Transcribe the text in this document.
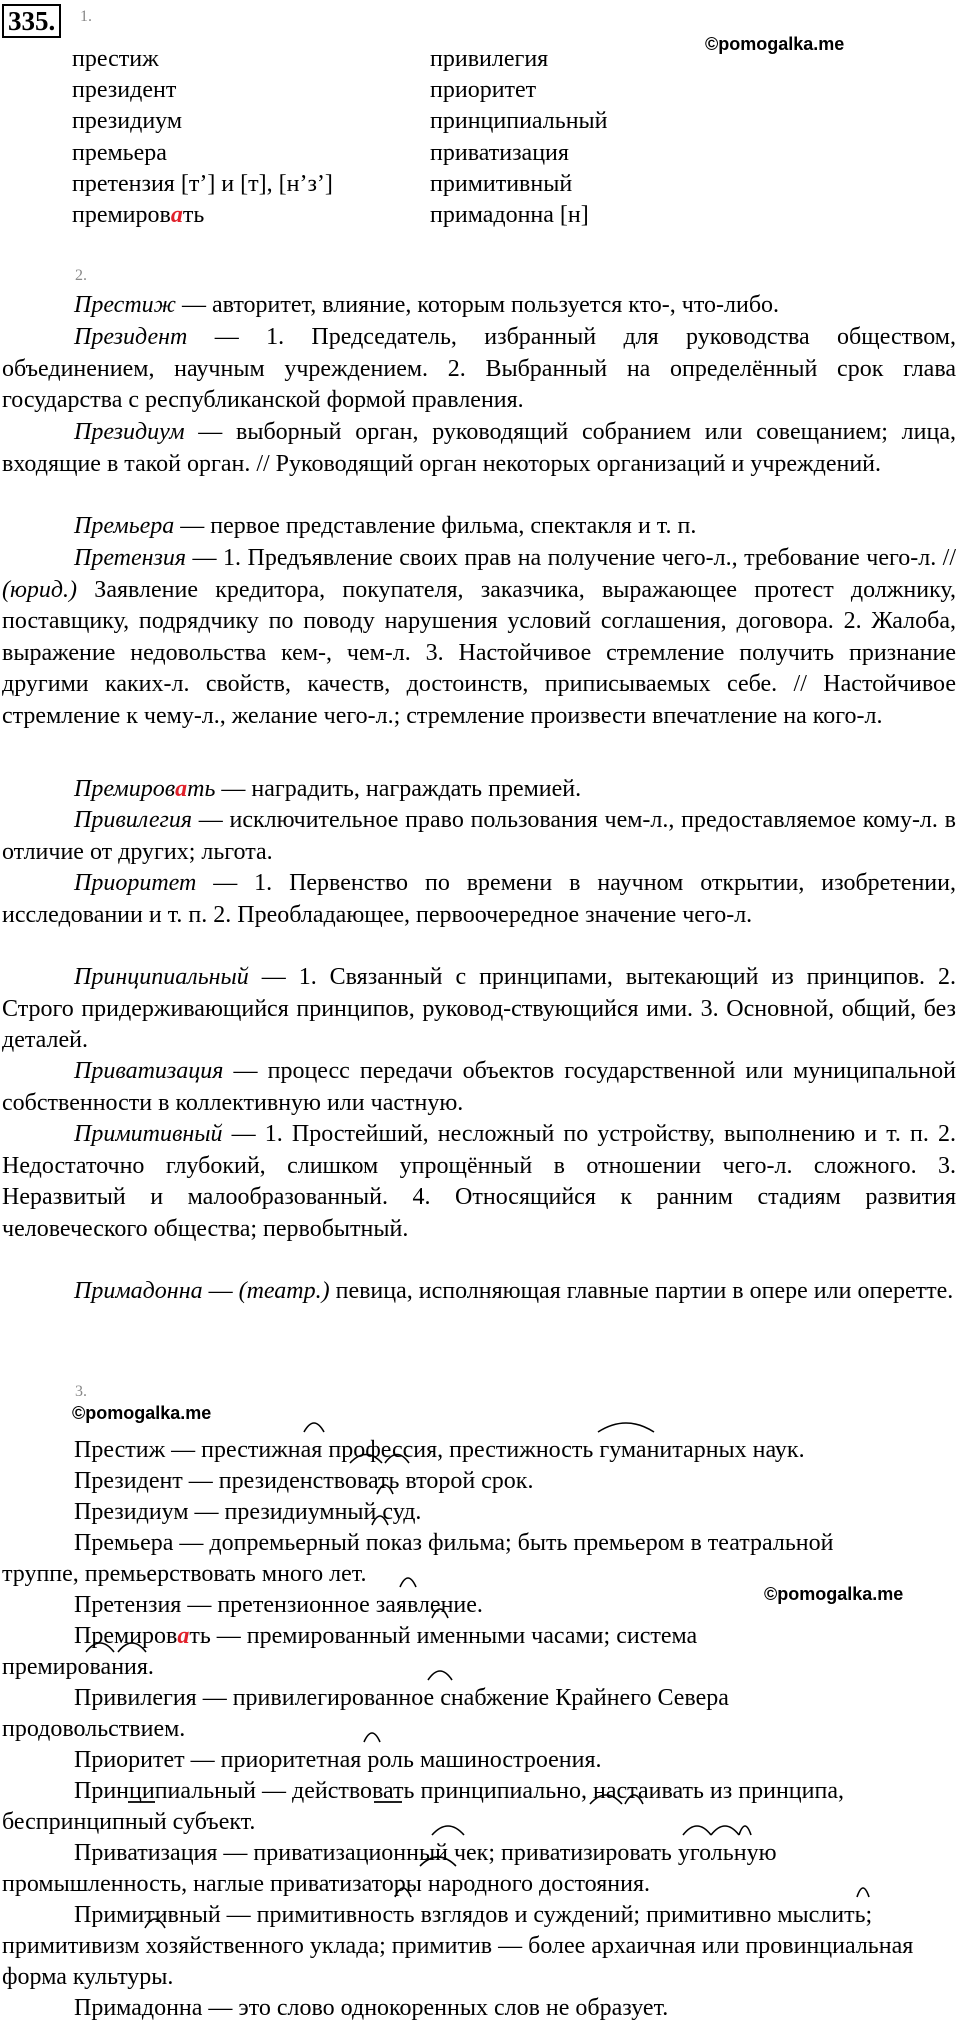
335.	1.
©pomogalka.me
престиж
президент
президиум
премьера
претензия [т’] и [т], [н’з’]
премировать
привилегия
приоритет
принципиальный
приватизация
примитивный
примадонна [н]
2.

Престиж — авторитет, влияние, которым пользуется кто-, что-либо.

Президент — 1. Председатель, избранный для руководства обществом, объединением, научным учреждением. 2. Выбранный на определённый срок глава государства с республиканской формой правления.

Президиум — выборный орган, руководящий собранием или совещанием; лица, входящие в такой орган. // Руководящий орган некоторых организаций и учреждений.

Премьера — первое представление фильма, спектакля и т. п.

Претензия — 1. Предъявление своих прав на получение чего-л., требование чего-л. // (юрид.) Заявление кредитора, покупателя, заказчика, выражающее протест должнику, поставщику, подрядчику по поводу нарушения условий соглашения, договора. 2. Жалоба, выражение недовольства кем-, чем-л. 3. Настойчивое стремление получить признание другими каких-л. свойств, качеств, достоинств, приписываемых себе. // Настойчивое стремление к чему-л., желание чего-л.; стремление произвести впечатление на кого-л.

Премировать — наградить, награждать премией.

Привилегия — исключительное право пользования чем-л., предоставляемое кому-л. в отличие от других; льгота.

Приоритет — 1. Первенство по времени в научном открытии, изобретении, исследовании и т. п. 2. Преобладающее, первоочередное значение чего-л.

Принципиальный — 1. Связанный с принципами, вытекающий из принципов. 2. Строго придерживающийся принципов, руковод-ствующийся ими. 3. Основной, общий, без деталей.

Приватизация — процесс передачи объектов государственной или муниципальной собственности в коллективную или частную.

Примитивный — 1. Простейший, несложный по устройству, выполнению и т. п. 2. Недостаточно глубокий, слишком упрощённый в отношении чего-л. сложного. 3. Неразвитый и малообразованный. 4. Относящийся к ранним стадиям развития человеческого общества; первобытный.

Примадонна — (театр.) певица, исполняющая главные партии в опере или оперетте.

3.
©pomogalka.me
©pomogalka.me

Престиж — престижная профессия, престижность гуманитарных наук.

Президент — президенствовать второй срок.

Президиум — президиумный суд.

Премьера — допремьерный показ фильма; быть премьером в театральной труппе, премьерствовать много лет.

Претензия — претензионное заявление.

Премировать — премированный именными часами; система премирования.

Привилегия — привилегированное снабжение Крайнего Севера продовольствием.

Приоритет — приоритетная роль машиностроения.

Принципиальный — действовать принципиально, настаивать из принципа, беспринципный субъект.

Приватизация — приватизационный чек; приватизировать угольную промышленность, наглые приватизаторы народного достояния.

Примитивный — примитивность взглядов и суждений; примитивно мыслить; примитивизм хозяйственного уклада; примитив — более архаичная или провинциальная форма культуры.

Примадонна — это слово однокоренных слов не образует.
